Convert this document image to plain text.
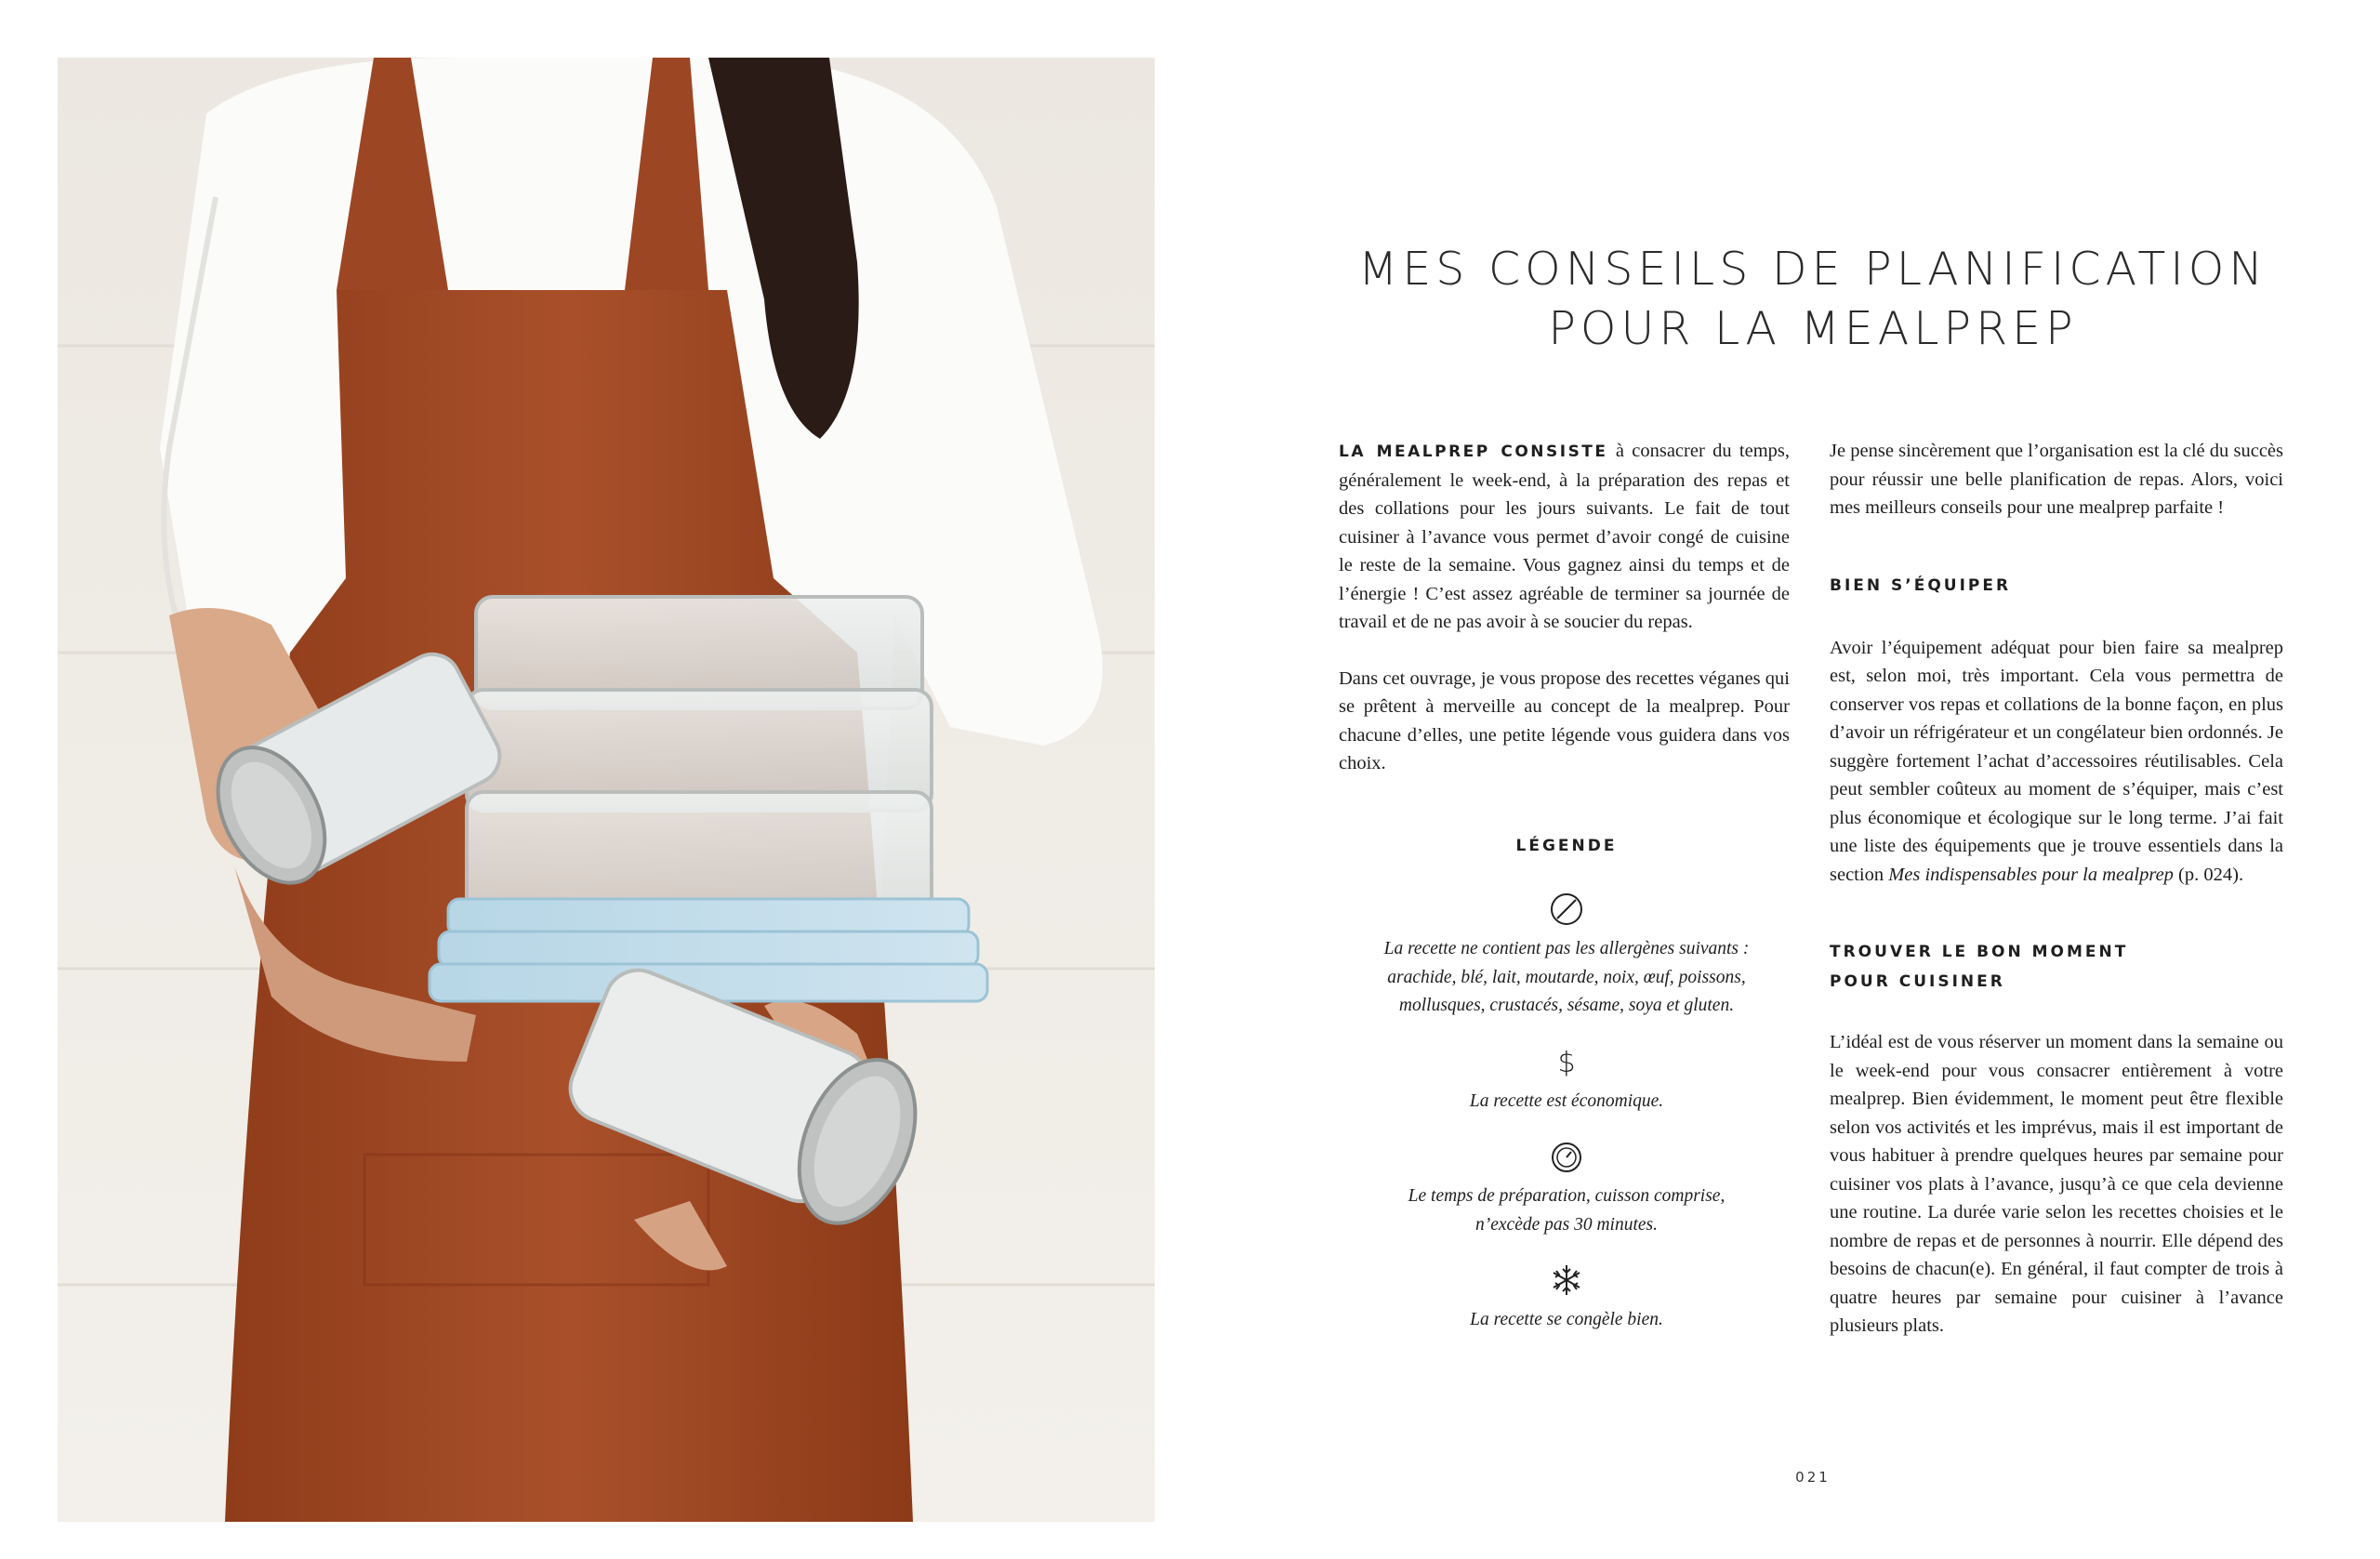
MES CONSEILS DE PLANIFICATION
POUR LA MEALPREP

LA MEALPREP CONSISTE à consacrer du temps, généralement le week-end, à la préparation des repas et des collations pour les jours suivants. Le fait de tout cuisiner à l’avance vous permet d’avoir congé de cuisine le reste de la semaine. Vous gagnez ainsi du temps et de l’énergie ! C’est assez agréable de terminer sa journée de travail et de ne pas avoir à se soucier du repas.

Dans cet ouvrage, je vous propose des recettes véganes qui se prêtent à merveille au concept de la mealprep. Pour chacune d’elles, une petite légende vous guidera dans vos choix.

LÉGENDE
La recette ne contient pas les allergènes suivants : arachide, blé, lait, moutarde, noix, œuf, poissons, mollusques, crustacés, sésame, soya et gluten.
$
La recette est économique.
Le temps de préparation, cuisson comprise, n’excède pas 30 minutes.
La recette se congèle bien.

Je pense sincèrement que l’organisation est la clé du succès pour réussir une belle planification de repas. Alors, voici mes meilleurs conseils pour une mealprep parfaite !

BIEN S’ÉQUIPER

Avoir l’équipement adéquat pour bien faire sa mealprep est, selon moi, très important. Cela vous permettra de conserver vos repas et collations de la bonne façon, en plus d’avoir un réfrigérateur et un congélateur bien ordonnés. Je suggère fortement l’achat d’accessoires réutilisables. Cela peut sembler coûteux au moment de s’équiper, mais c’est plus économique et écologique sur le long terme. J’ai fait une liste des équipements que je trouve essentiels dans la section Mes indispensables pour la mealprep (p. 024).

TROUVER LE BON MOMENT
POUR CUISINER

L’idéal est de vous réserver un moment dans la semaine ou le week-end pour vous consacrer entièrement à votre mealprep. Bien évidemment, le moment peut être flexible selon vos activités et les imprévus, mais il est important de vous habituer à prendre quelques heures par semaine pour cuisiner vos plats à l’avance, jusqu’à ce que cela devienne une routine. La durée varie selon les recettes choisies et le nombre de repas et de personnes à nourrir. Elle dépend des besoins de chacun(e). En général, il faut compter de trois à quatre heures par semaine pour cuisiner à l’avance plusieurs plats.

021
